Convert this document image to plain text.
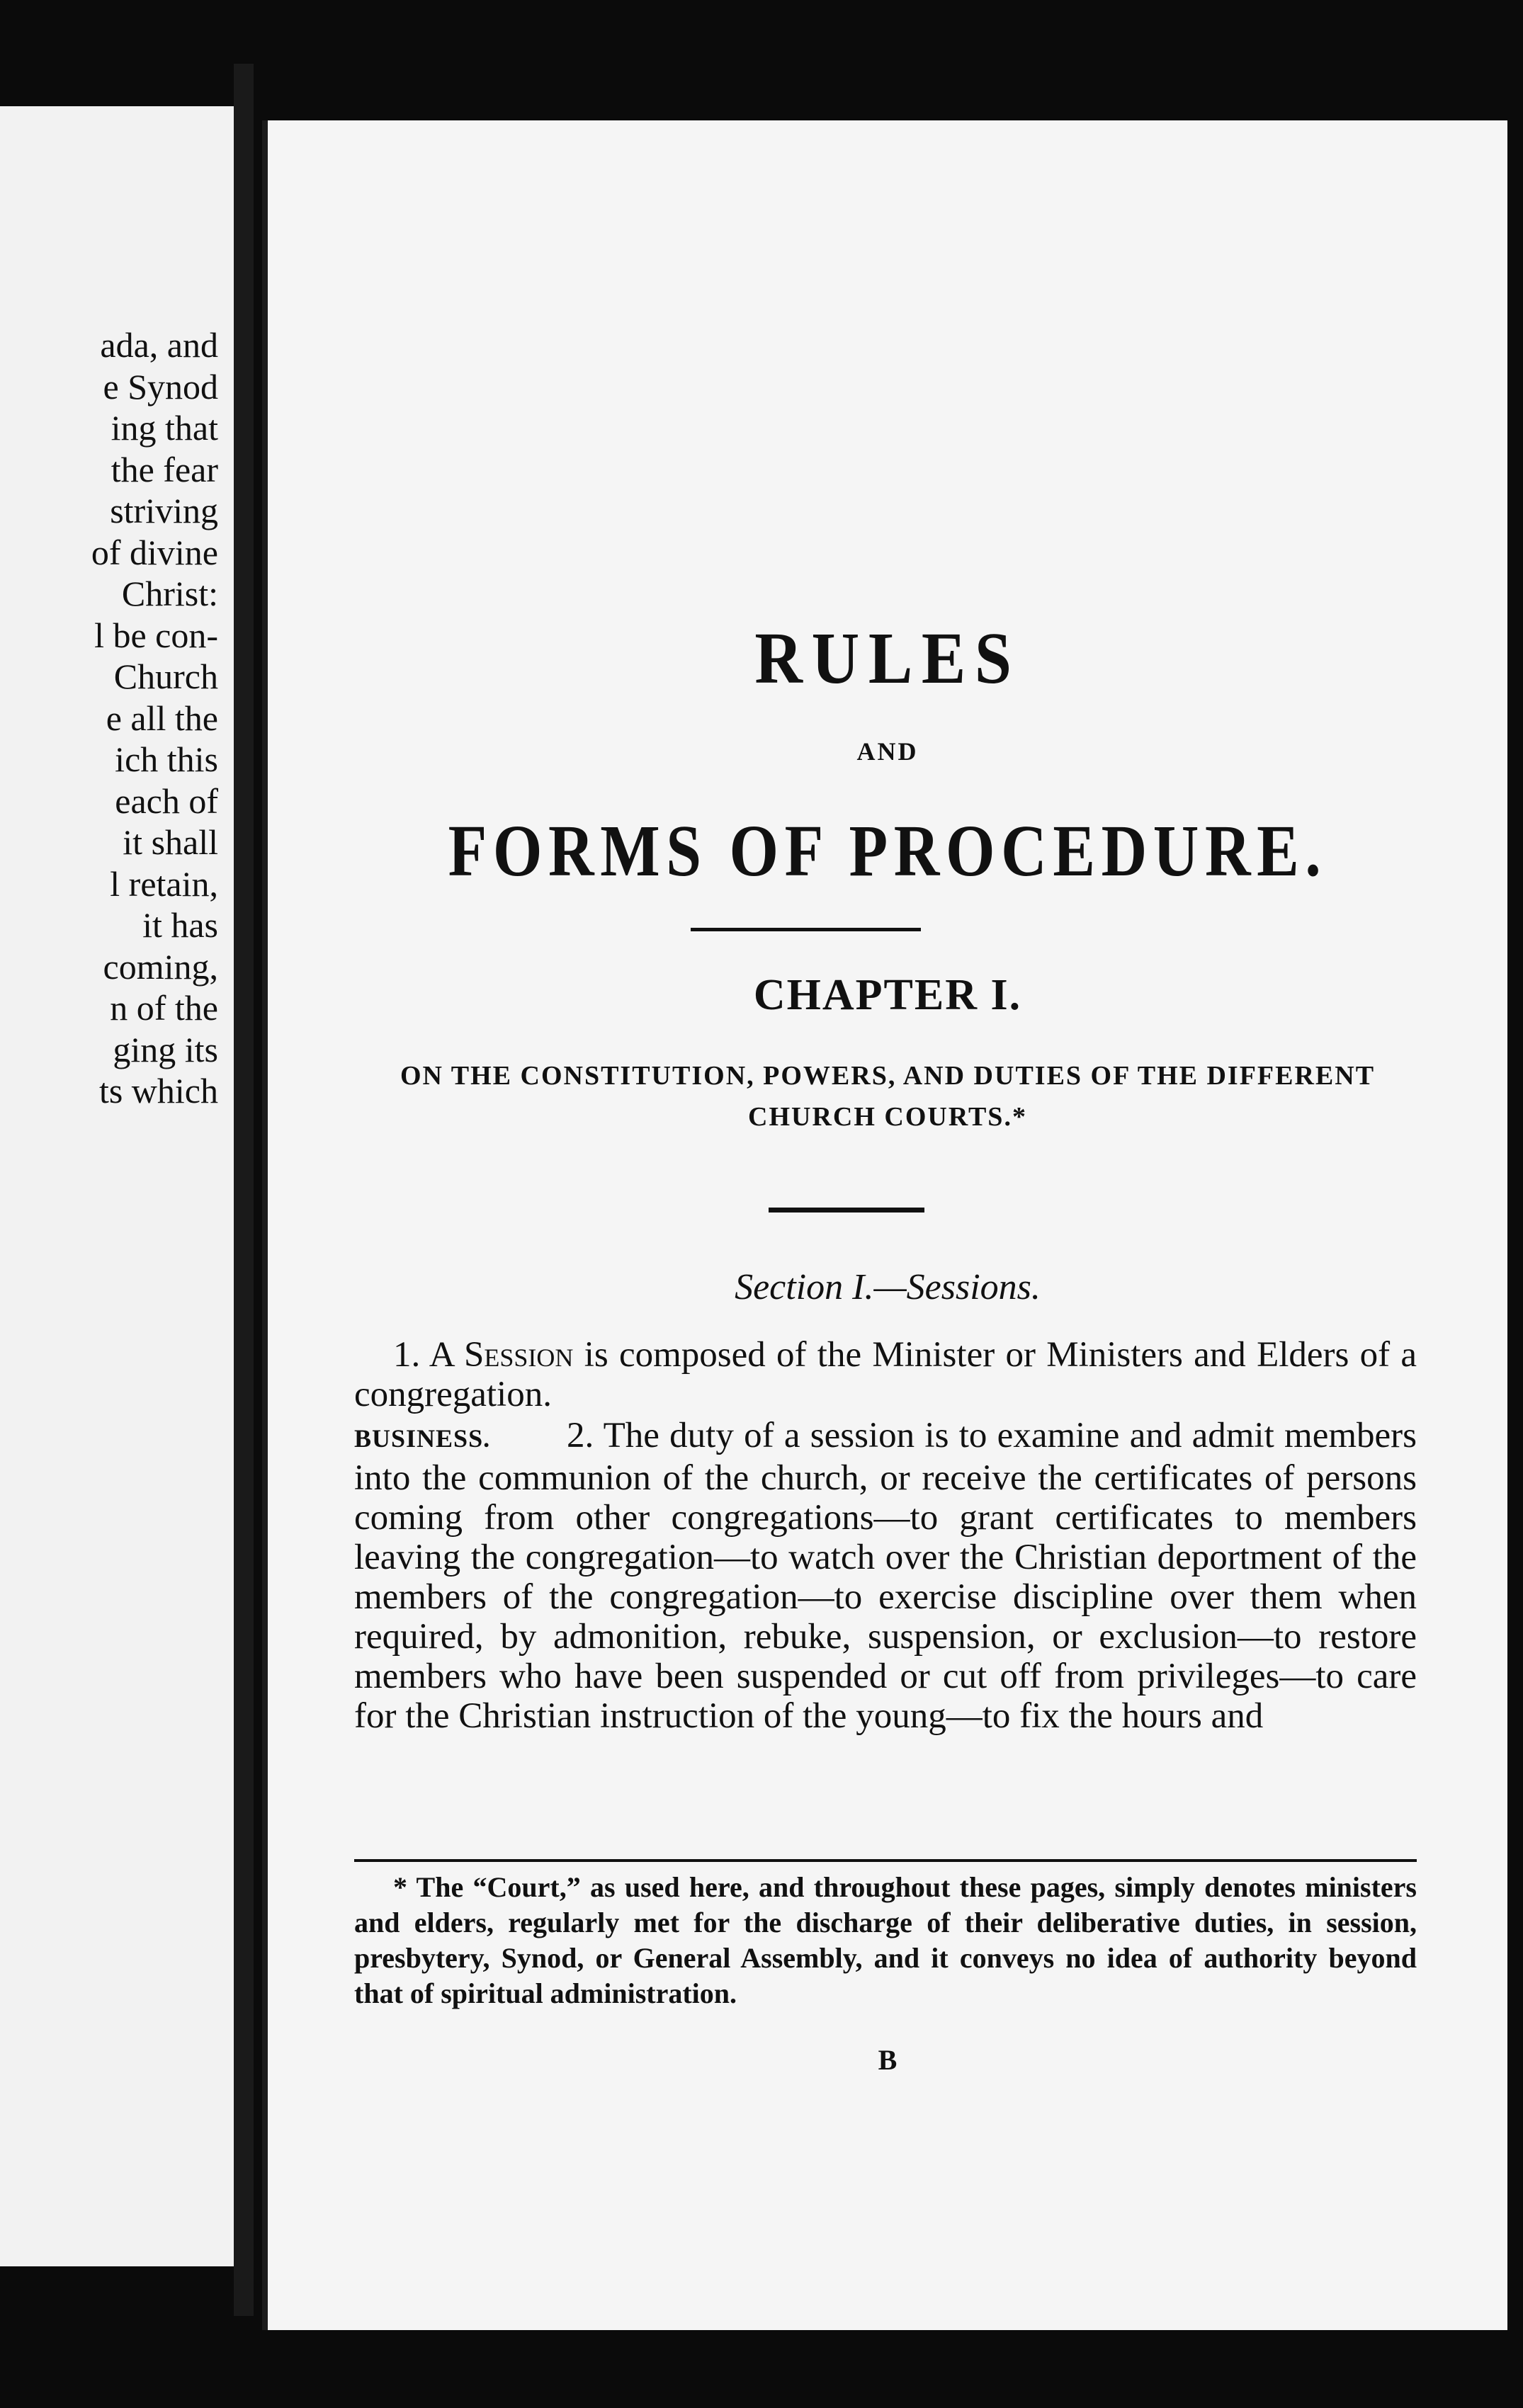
ada, and
e Synod
ing that
the fear
striving
of divine
Christ:
l be con-
Church
e all the
ich this
each of
it shall
l retain,
it has
coming,
n of the
ging its
ts which
RULES
AND
FORMS OF PROCEDURE.
CHAPTER I.
ON THE CONSTITUTION, POWERS, AND DUTIES OF THE DIFFERENT CHURCH COURTS.*
Section I.—Sessions.

1. A Session is composed of the Minister or Ministers and Elders of a congregation.

BUSINESS. 2. The duty of a session is to examine and admit members into the communion of the church, or receive the certificates of persons coming from other congregations—to grant certificates to members leaving the congregation—to watch over the Christian deportment of the members of the congregation—to exercise discipline over them when required, by admonition, rebuke, suspension, or exclusion—to restore members who have been suspended or cut off from privileges—to care for the Christian instruction of the young—to fix the hours and

* The “Court,” as used here, and throughout these pages, simply denotes ministers and elders, regularly met for the discharge of their deliberative duties, in session, presbytery, Synod, or General Assembly, and it conveys no idea of authority beyond that of spiritual administration.

B
